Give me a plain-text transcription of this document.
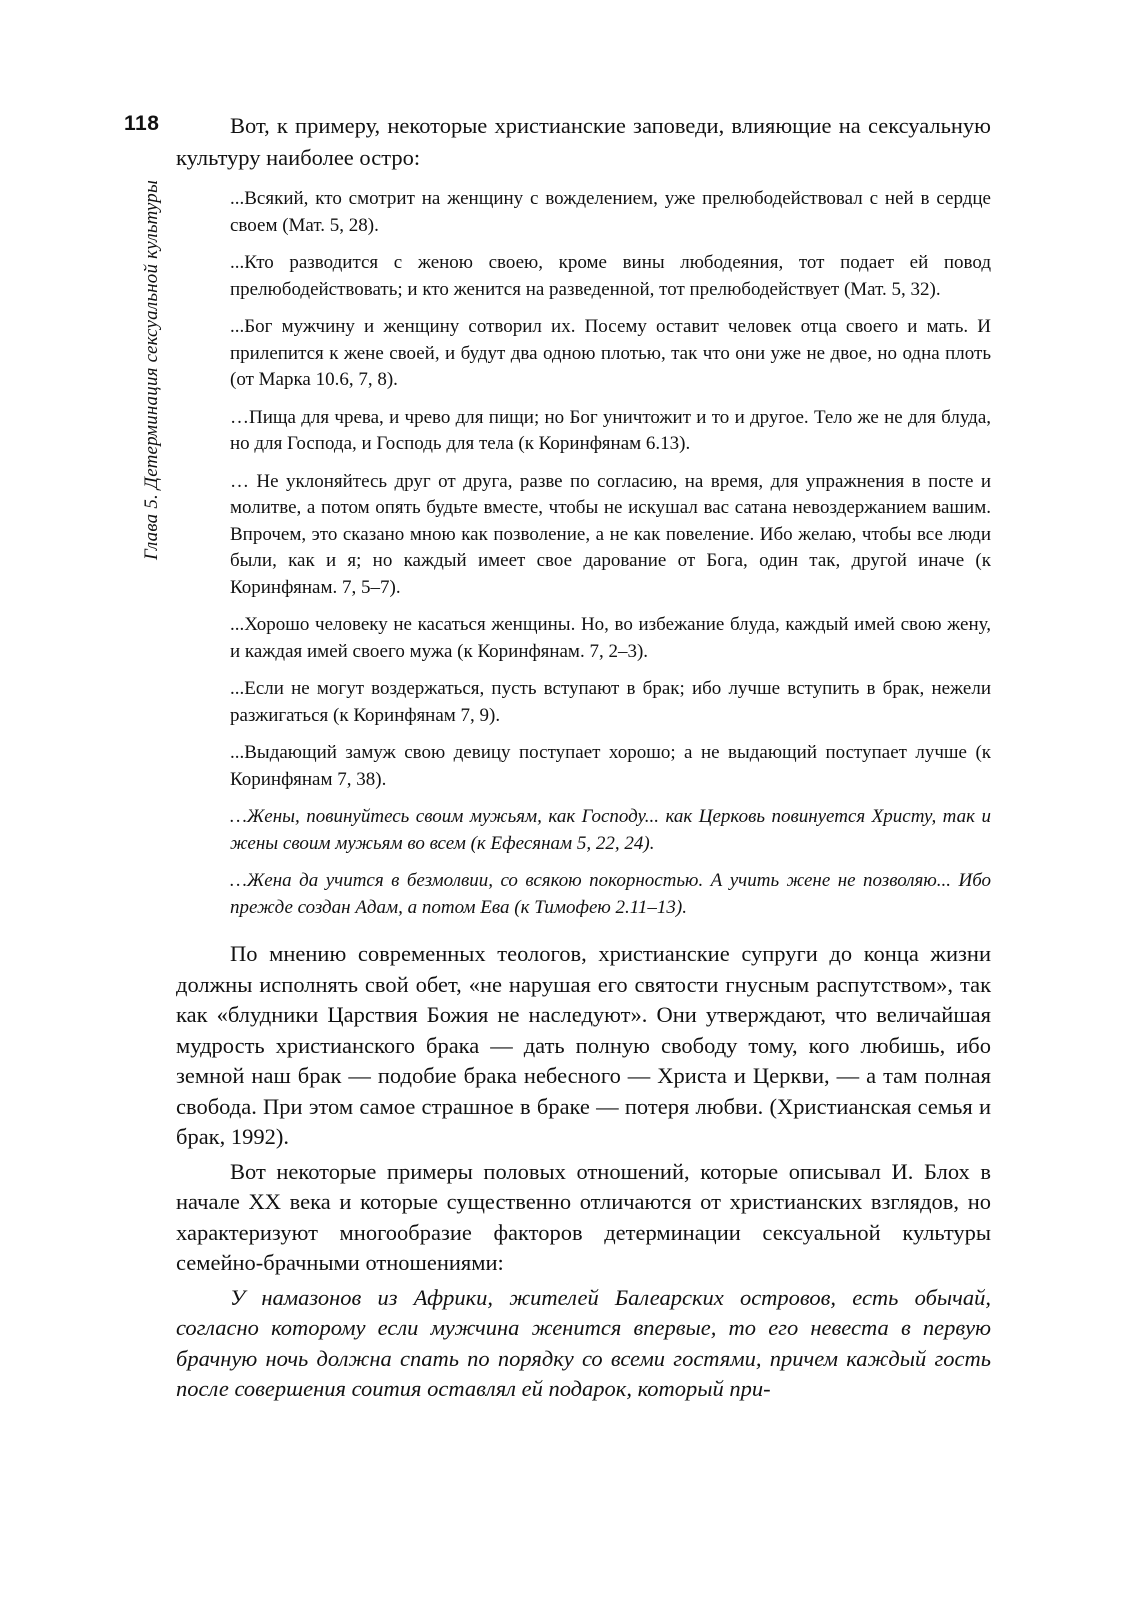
118
Глава 5. Детерминация сексуальной культуры

Вот, к примеру, некоторые христианские заповеди, влияющие на сексуальную культуру наиболее остро:

...Всякий, кто смотрит на женщину с вожделением, уже прелюбодействовал с ней в сердце своем (Мат. 5, 28).

...Кто разводится с женою своею, кроме вины любодеяния, тот подает ей повод прелюбодействовать; и кто женится на разведенной, тот прелюбодействует (Мат. 5, 32).

...Бог мужчину и женщину сотворил их. Посему оставит человек отца своего и мать. И прилепится к жене своей, и будут два одною плотью, так что они уже не двое, но одна плоть (от Марка 10.6, 7, 8).

…Пища для чрева, и чрево для пищи; но Бог уничтожит и то и другое. Тело же не для блуда, но для Господа, и Господь для тела (к Коринфянам 6.13).

… Не уклоняйтесь друг от друга, разве по согласию, на время, для упражнения в посте и молитве, а потом опять будьте вместе, чтобы не искушал вас сатана невоздержанием вашим. Впрочем, это сказано мною как позволение, а не как повеление. Ибо желаю, чтобы все люди были, как и я; но каждый имеет свое дарование от Бога, один так, другой иначе (к Коринфянам. 7, 5–7).

...Хорошо человеку не касаться женщины. Но, во избежание блуда, каждый имей свою жену, и каждая имей своего мужа (к Коринфянам. 7, 2–3).

...Если не могут воздержаться, пусть вступают в брак; ибо лучше вступить в брак, нежели разжигаться (к Коринфянам 7, 9).

...Выдающий замуж свою девицу поступает хорошо; а не выдающий поступает лучше (к Коринфянам 7, 38).

…Жены, повинуйтесь своим мужьям, как Господу... как Церковь повинуется Христу, так и жены своим мужьям во всем (к Ефесянам 5, 22, 24).

…Жена да учится в безмолвии, со всякою покорностью. А учить жене не позволяю... Ибо прежде создан Адам, а потом Ева (к Тимофею 2.11–13).

По мнению современных теологов, христианские супруги до конца жизни должны исполнять свой обет, «не нарушая его святости гнусным распутством», так как «блудники Царствия Божия не наследуют». Они утверждают, что величайшая мудрость христианского брака — дать полную свободу тому, кого любишь, ибо земной наш брак — подобие брака небесного — Христа и Церкви, — а там полная свобода. При этом самое страшное в браке — потеря любви. (Христианская семья и брак, 1992).

Вот некоторые примеры половых отношений, которые описывал И. Блох в начале XX века и которые существенно отличаются от христианских взглядов, но характеризуют многообразие факторов детерминации сексуальной культуры семейно-брачными отношениями:

У намазонов из Африки, жителей Балеарских островов, есть обычай, согласно которому если мужчина женится впервые, то его невеста в первую брачную ночь должна спать по порядку со всеми гостями, причем каждый гость после совершения соития оставлял ей подарок, который при-
